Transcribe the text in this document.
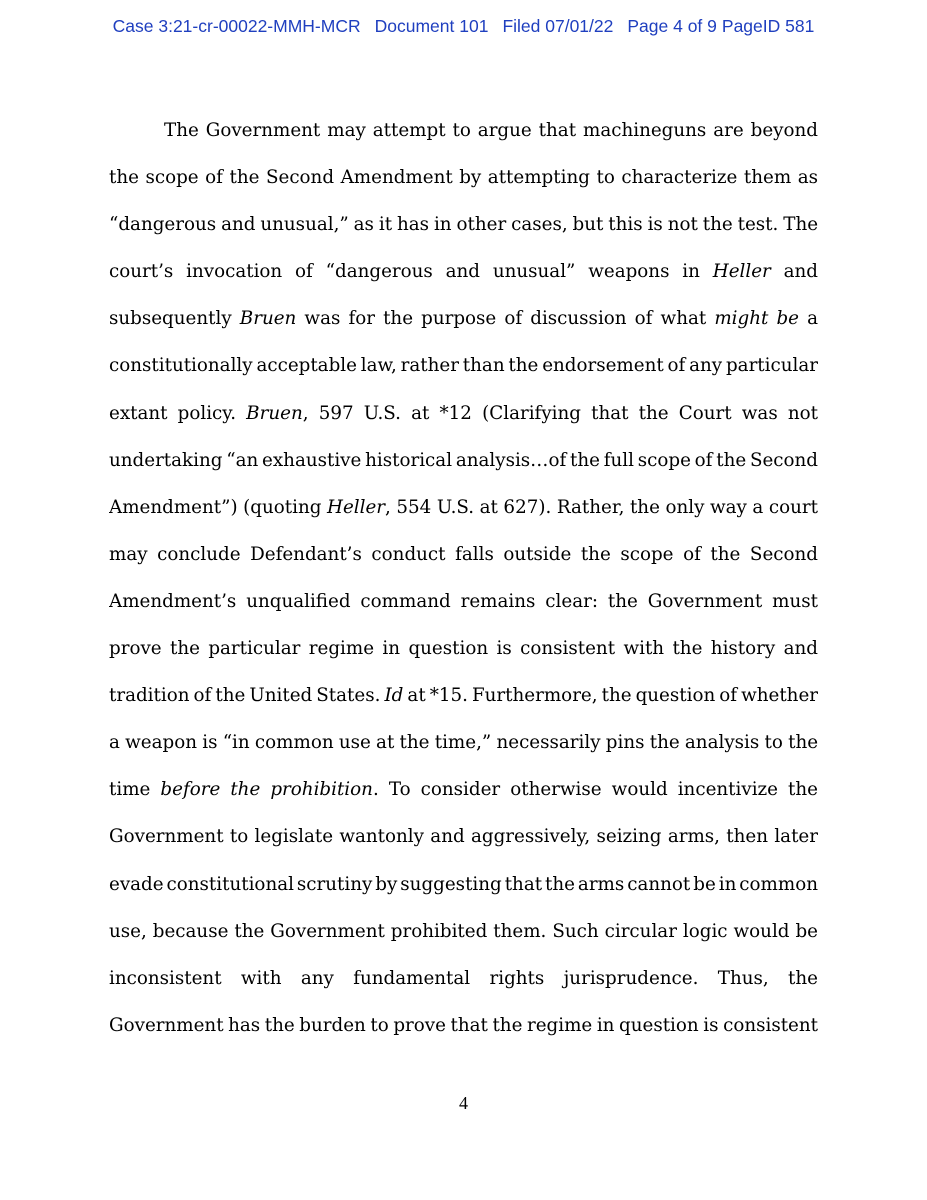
Case 3:21-cr-00022-MMH-MCR Document 101 Filed 07/01/22 Page 4 of 9 PageID 581
The Government may attempt to argue that machineguns are beyond
the scope of the Second Amendment by attempting to characterize them as
“dangerous and unusual,” as it has in other cases, but this is not the test. The
court’s invocation of “dangerous and unusual” weapons in Heller and
subsequently Bruen was for the purpose of discussion of what might be a
constitutionally acceptable law, rather than the endorsement of any particular
extant policy. Bruen, 597 U.S. at *12 (Clarifying that the Court was not
undertaking “an exhaustive historical analysis…of the full scope of the Second
Amendment”) (quoting Heller, 554 U.S. at 627). Rather, the only way a court
may conclude Defendant’s conduct falls outside the scope of the Second
Amendment’s unqualified command remains clear: the Government must
prove the particular regime in question is consistent with the history and
tradition of the United States. Id at *15. Furthermore, the question of whether
a weapon is “in common use at the time,” necessarily pins the analysis to the
time before the prohibition. To consider otherwise would incentivize the
Government to legislate wantonly and aggressively, seizing arms, then later
evade constitutional scrutiny by suggesting that the arms cannot be in common
use, because the Government prohibited them. Such circular logic would be
inconsistent with any fundamental rights jurisprudence. Thus, the
Government has the burden to prove that the regime in question is consistent
4
